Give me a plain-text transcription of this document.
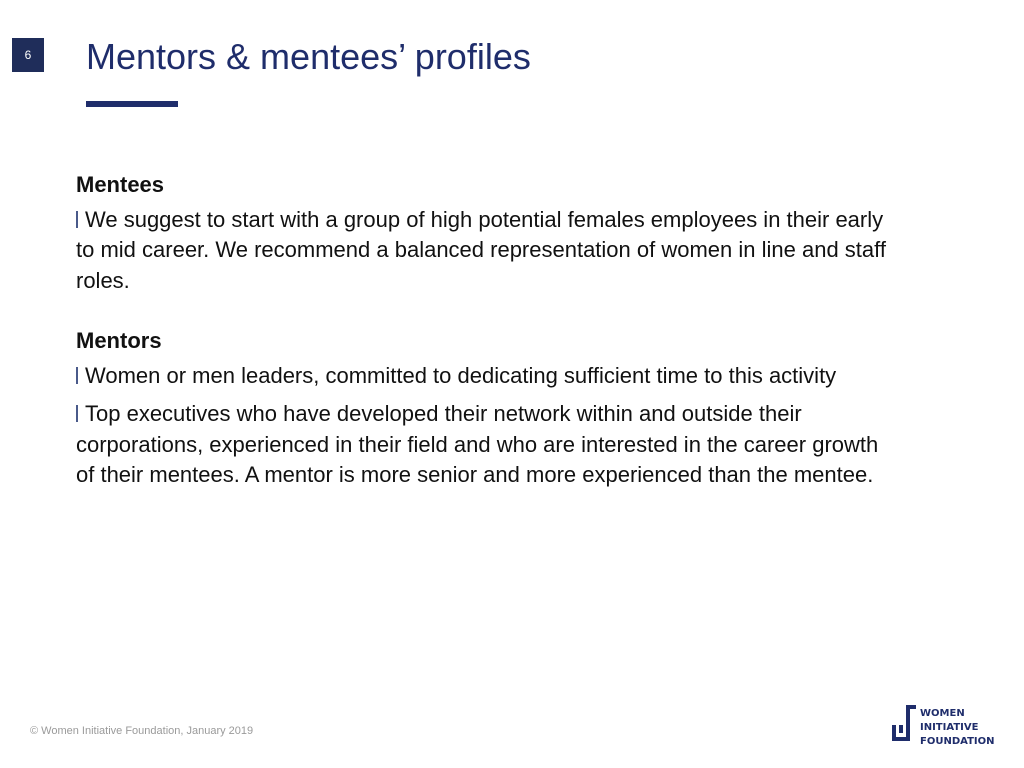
6 Mentors & mentees’ profiles

Mentees

We suggest to start with a group of high potential females employees in their early to mid career. We recommend a balanced representation of women in line and staff roles.

Mentors

Women or men leaders, committed to dedicating sufficient time to this activity

Top executives who have developed their network within and outside their corporations, experienced in their field and who are interested in the career growth of their mentees. A mentor is more senior and more experienced than the mentee.

© Women Initiative Foundation, January 2019
WOMEN
INITIATIVE
FOUNDATION
